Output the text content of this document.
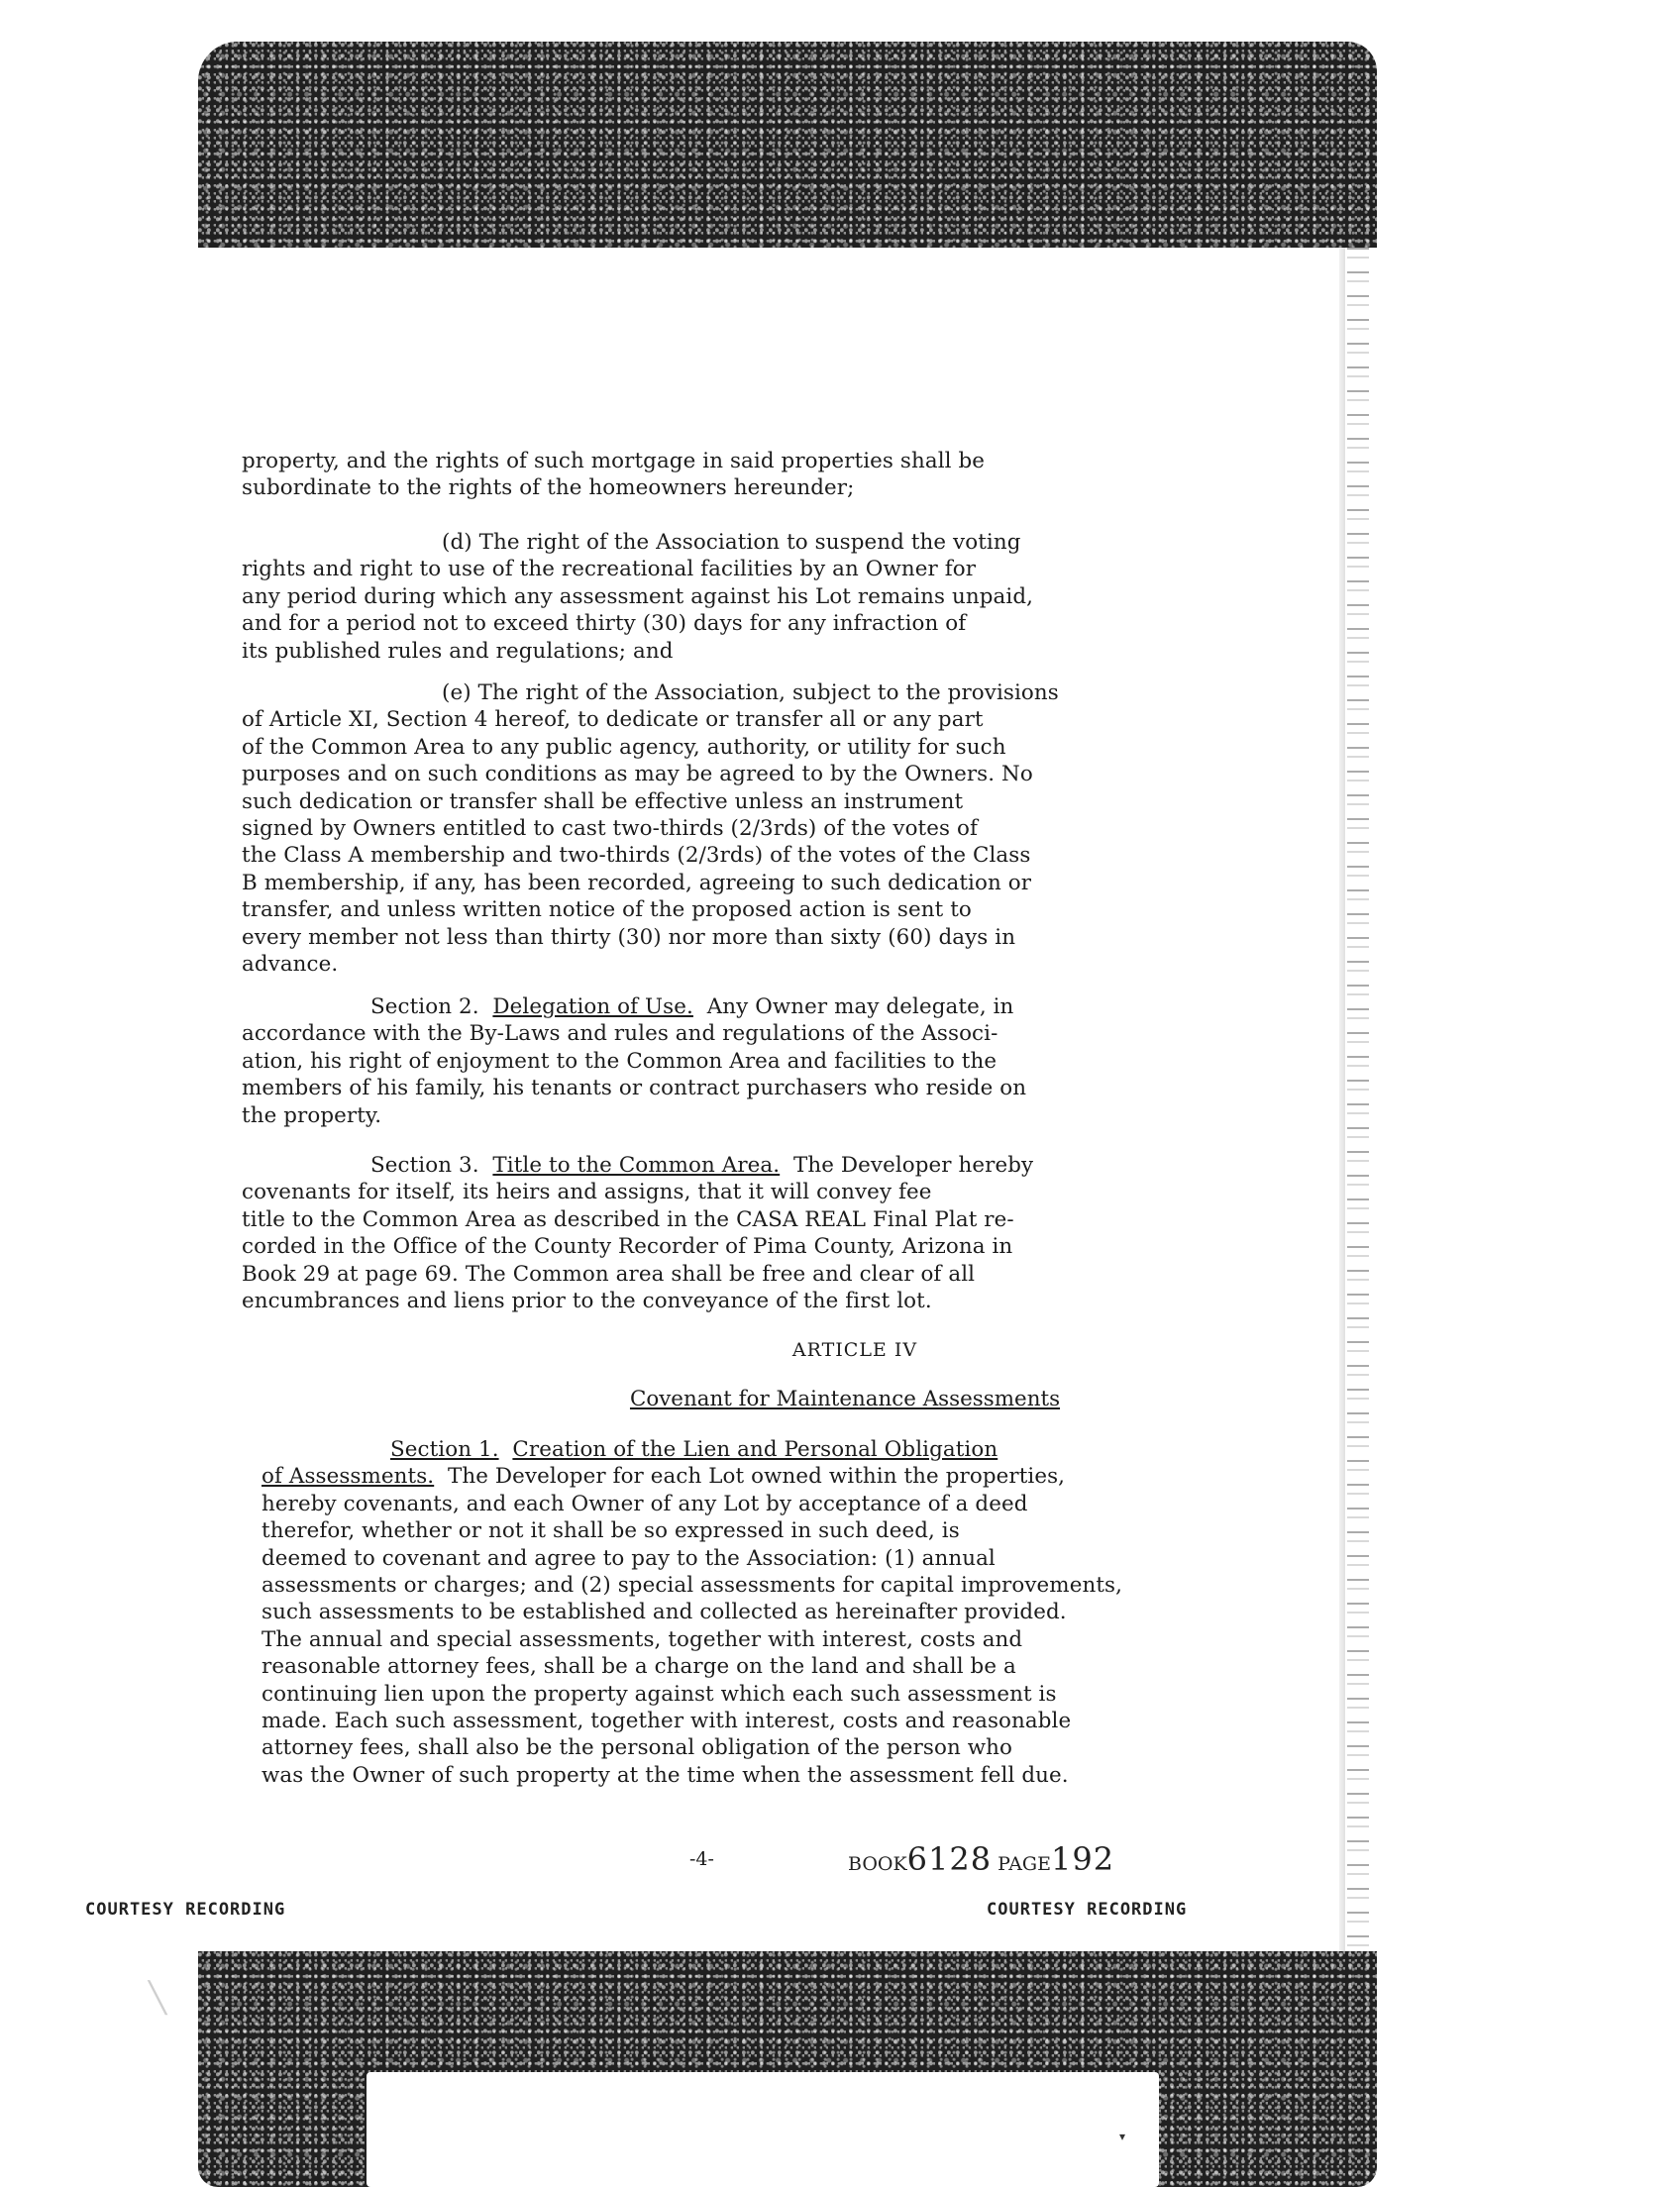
▾
╲
property, and the rights of such mortgage in said properties shall be
subordinate to the rights of the homeowners hereunder;
(d) The right of the Association to suspend the voting
rights and right to use of the recreational facilities by an Owner for
any period during which any assessment against his Lot remains unpaid,
and for a period not to exceed thirty (30) days for any infraction of
its published rules and regulations; and
(e) The right of the Association, subject to the provisions
of Article XI, Section 4 hereof, to dedicate or transfer all or any part
of the Common Area to any public agency, authority, or utility for such
purposes and on such conditions as may be agreed to by the Owners. No
such dedication or transfer shall be effective unless an instrument
signed by Owners entitled to cast two-thirds (2/3rds) of the votes of
the Class A membership and two-thirds (2/3rds) of the votes of the Class
B membership, if any, has been recorded, agreeing to such dedication or
transfer, and unless written notice of the proposed action is sent to
every member not less than thirty (30) nor more than sixty (60) days in
advance.
Section 2. Delegation of Use. Any Owner may delegate, in
accordance with the By-Laws and rules and regulations of the Associ-
ation, his right of enjoyment to the Common Area and facilities to the
members of his family, his tenants or contract purchasers who reside on
the property.
Section 3. Title to the Common Area. The Developer hereby
covenants for itself, its heirs and assigns, that it will convey fee
title to the Common Area as described in the CASA REAL Final Plat re-
corded in the Office of the County Recorder of Pima County, Arizona in
Book 29 at page 69. The Common area shall be free and clear of all
encumbrances and liens prior to the conveyance of the first lot.
ARTICLE IV
Covenant for Maintenance Assessments
Section 1. Creation of the Lien and Personal Obligation
of Assessments. The Developer for each Lot owned within the properties,
hereby covenants, and each Owner of any Lot by acceptance of a deed
therefor, whether or not it shall be so expressed in such deed, is
deemed to covenant and agree to pay to the Association: (1) annual
assessments or charges; and (2) special assessments for capital improvements,
such assessments to be established and collected as hereinafter provided.
The annual and special assessments, together with interest, costs and
reasonable attorney fees, shall be a charge on the land and shall be a
continuing lien upon the property against which each such assessment is
made. Each such assessment, together with interest, costs and reasonable
attorney fees, shall also be the personal obligation of the person who
was the Owner of such property at the time when the assessment fell due.
-4-	BOOK6128 PAGE192
COURTESY RECORDING	COURTESY RECORDING
